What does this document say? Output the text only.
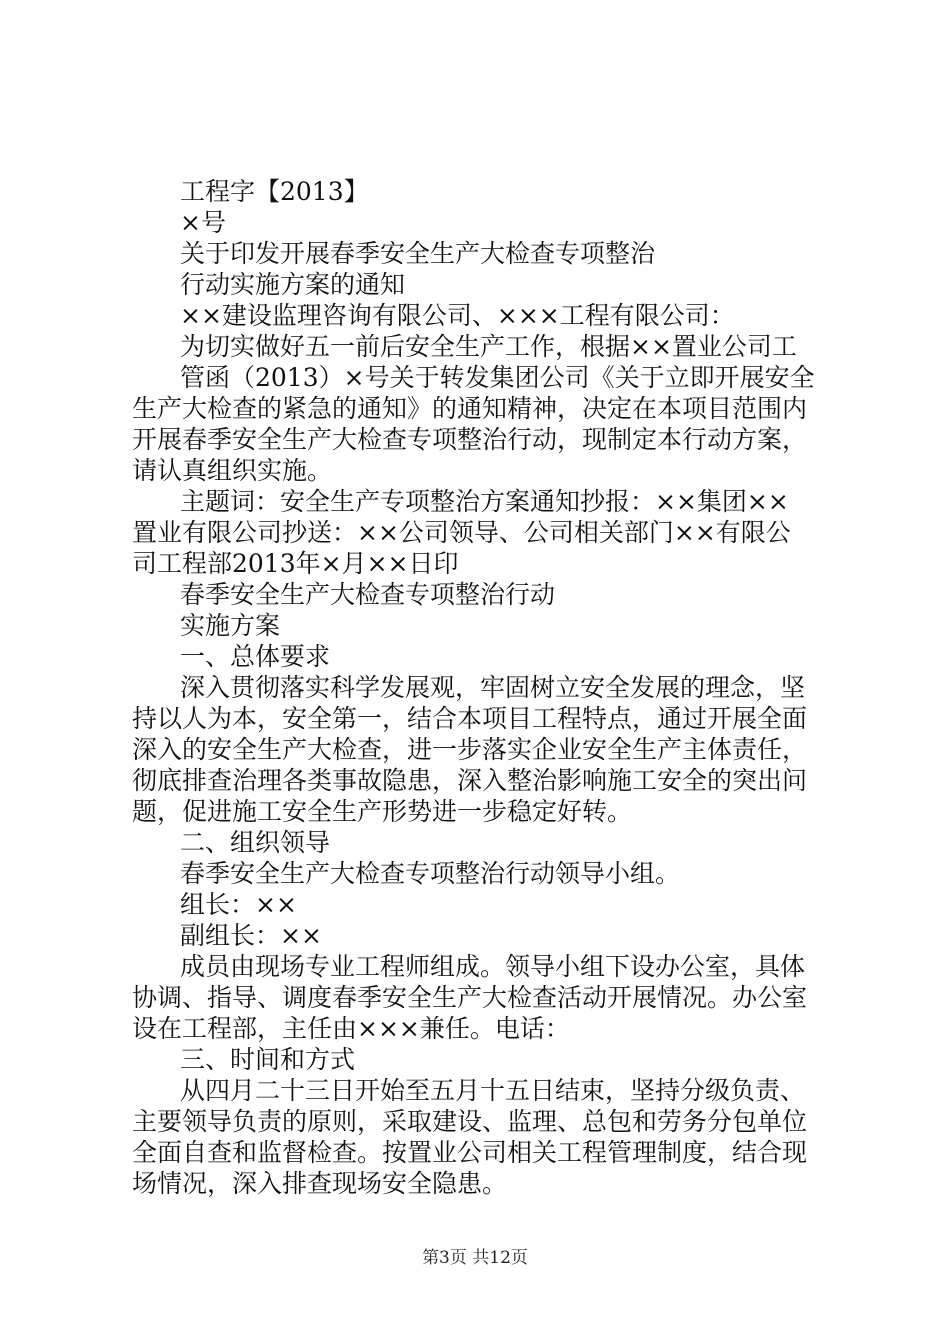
工程字【2013】
×号
关于印发开展春季安全生产大检查专项整治
行动实施方案的通知
××建设监理咨询有限公司、×××工程有限公司：
为切实做好五一前后安全生产工作，根据××置业公司工
管函（2013）×号关于转发集团公司《关于立即开展安全
生产大检查的紧急的通知》的通知精神，决定在本项目范围内
开展春季安全生产大检查专项整治行动，现制定本行动方案，
请认真组织实施。
主题词：安全生产专项整治方案通知抄报：××集团××
置业有限公司抄送：××公司领导、公司相关部门××有限公
司工程部2013年×月××日印
春季安全生产大检查专项整治行动
实施方案
一、总体要求
深入贯彻落实科学发展观，牢固树立安全发展的理念，坚
持以人为本，安全第一，结合本项目工程特点，通过开展全面
深入的安全生产大检查，进一步落实企业安全生产主体责任，
彻底排查治理各类事故隐患，深入整治影响施工安全的突出问
题，促进施工安全生产形势进一步稳定好转。
二、组织领导
春季安全生产大检查专项整治行动领导小组。
组长：××
副组长：××
成员由现场专业工程师组成。领导小组下设办公室，具体
协调、指导、调度春季安全生产大检查活动开展情况。办公室
设在工程部，主任由×××兼任。电话：
三、时间和方式
从四月二十三日开始至五月十五日结束，坚持分级负责、
主要领导负责的原则，采取建设、监理、总包和劳务分包单位
全面自查和监督检查。按置业公司相关工程管理制度，结合现
场情况，深入排查现场安全隐患。
第3页 共12页
